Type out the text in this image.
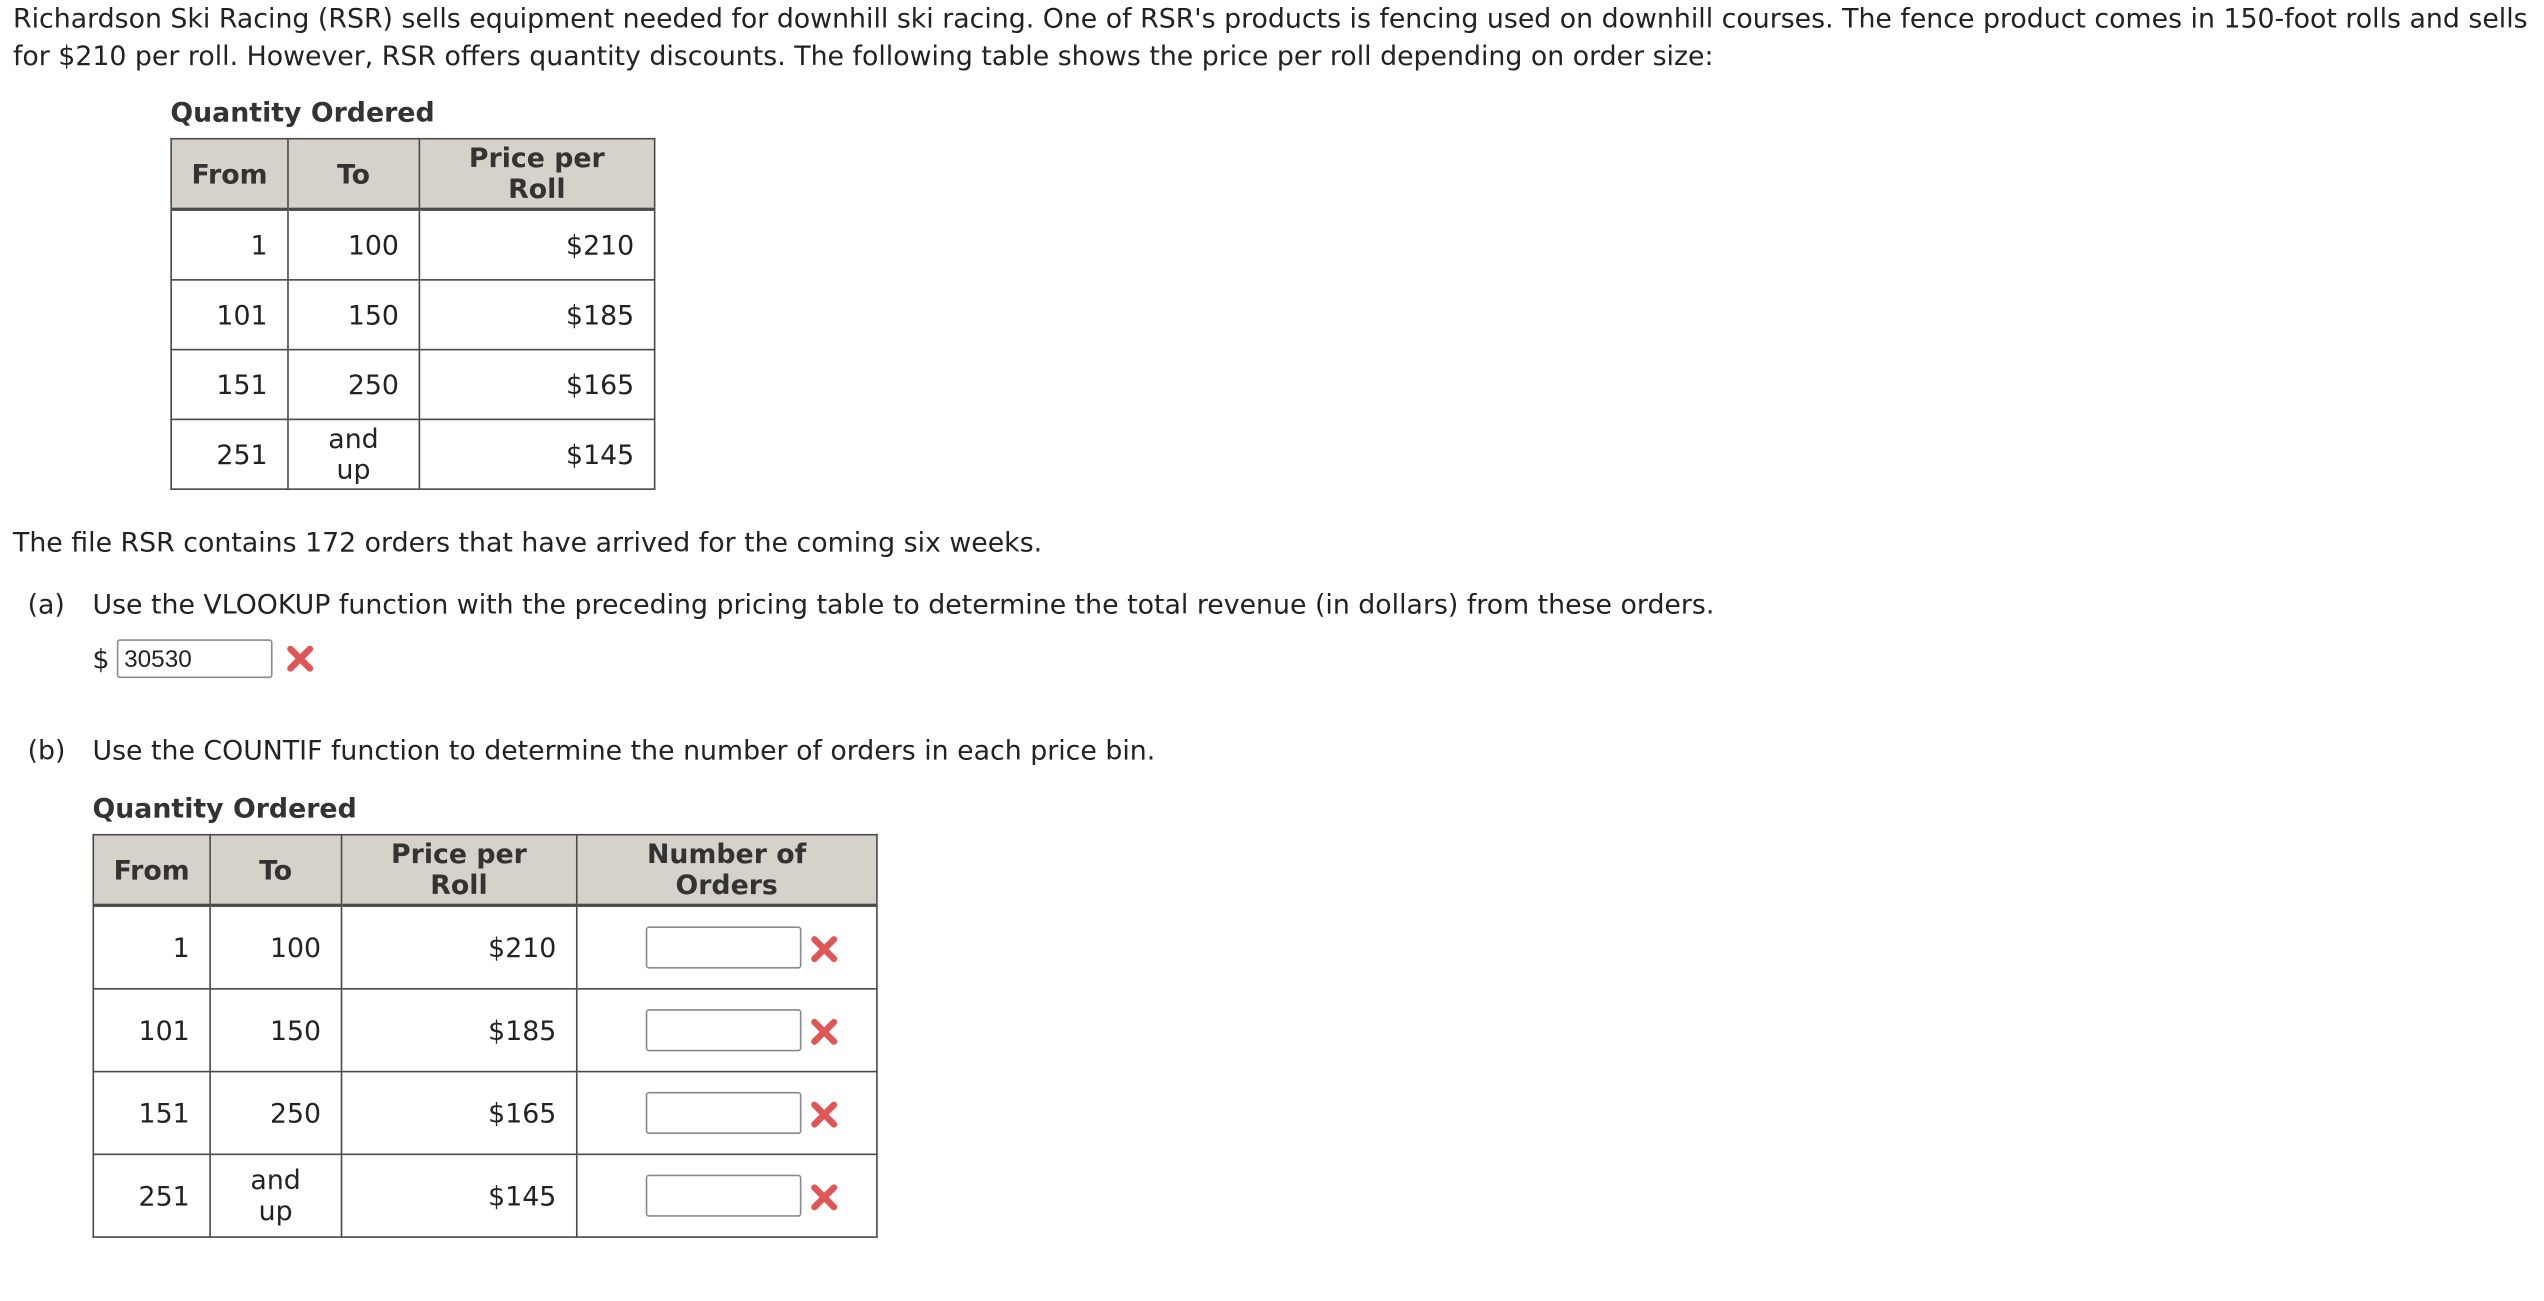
Richardson Ski Racing (RSR) sells equipment needed for downhill ski racing. One of RSR's products is fencing used on downhill courses. The fence product comes in 150-foot rolls and sells for $210 per roll. However, RSR offers quantity discounts. The following table shows the price per roll depending on order size:

Quantity Ordered
From	To	Price per Roll
1	100	$210
101	150	$185
151	250	$165
251	and up	$145

The file RSR contains 172 orders that have arrived for the coming six weeks.

(a) Use the VLOOKUP function with the preceding pricing table to determine the total revenue (in dollars) from these orders.

$
30530
(b) Use the COUNTIF function to determine the number of orders in each price bin.

Quantity Ordered
From	To	Price per Roll	Number of Orders
1	100	$210	

101	150	$185	

151	250	$165	

251	and up	$145	
